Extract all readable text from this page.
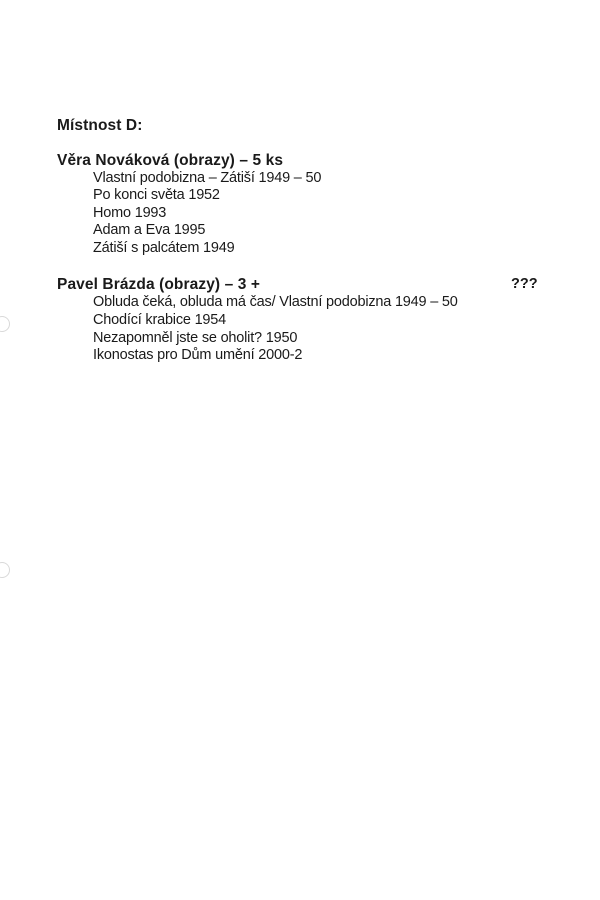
Místnost D:
Věra Nováková (obrazy) – 5 ks
Vlastní podobizna – Zátiší 1949 – 50
Po konci světa 1952
Homo 1993
Adam a Eva 1995
Zátiší s palcátem 1949
Pavel Brázda (obrazy) – 3 +	???
Obluda čeká, obluda má čas/ Vlastní podobizna 1949 – 50
Chodící krabice 1954
Nezapomněl jste se oholit? 1950
Ikonostas pro Dům umění 2000-2
